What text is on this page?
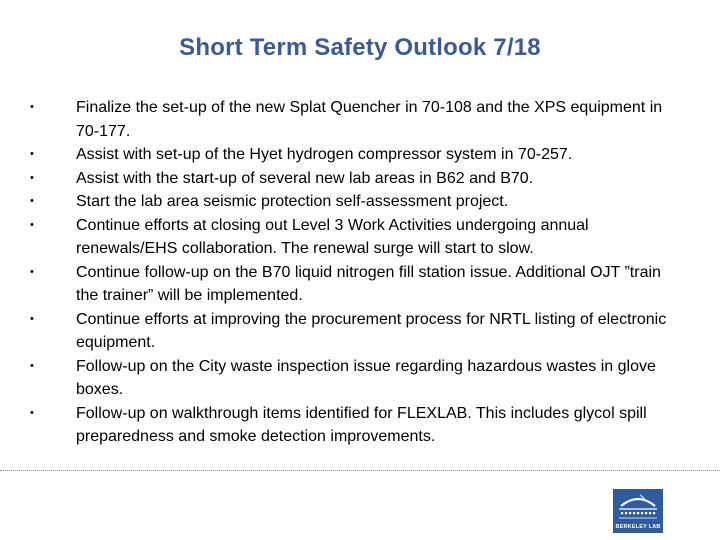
Short Term Safety Outlook 7/18
•	Finalize the set-up of the new Splat Quencher in 70-108 and the XPS equipment in 70-177.
•	Assist with set-up of the Hyet hydrogen compressor system in 70-257.
•	Assist with the start-up of several new lab areas in B62 and B70.
•	Start the lab area seismic protection self-assessment project.
•	Continue efforts at closing out Level 3 Work Activities undergoing annual renewals/EHS collaboration. The renewal surge will start to slow.
•	Continue follow-up on the B70 liquid nitrogen fill station issue. Additional OJT ”train the trainer” will be implemented.
•	Continue efforts at improving the procurement process for NRTL listing of electronic equipment.
•	Follow-up on the City waste inspection issue regarding hazardous wastes in glove boxes.
•	Follow-up on walkthrough items identified for FLEXLAB. This includes glycol spill preparedness and smoke detection improvements.
BERKELEY LAB
